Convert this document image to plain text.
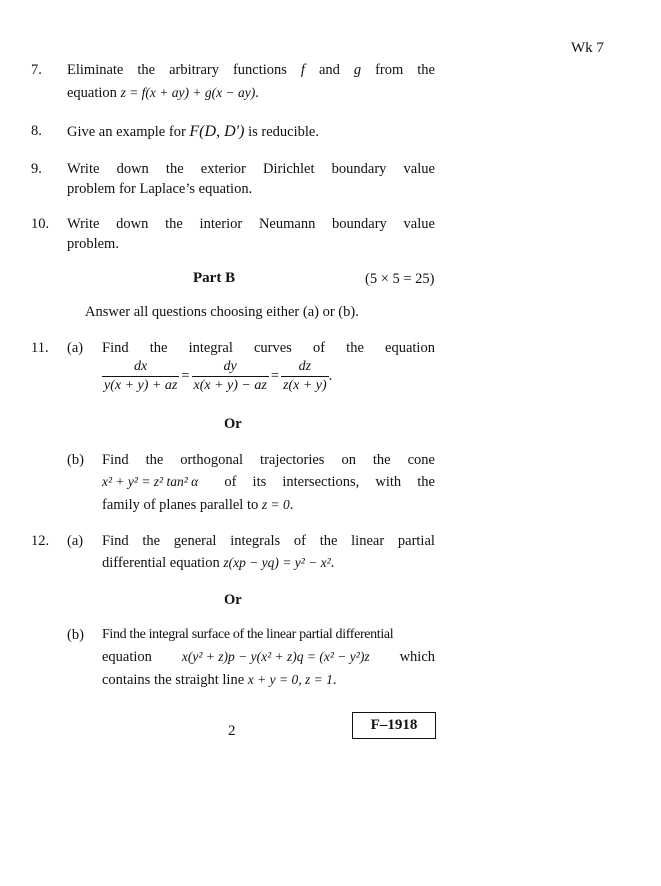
Wk 7
7. Eliminate the arbitrary functions f and g from the
equation z = f(x + ay) + g(x − ay).
8. Give an example for F(D, D′) is reducible.
9. Write down the exterior Dirichlet boundary value
problem for Laplace’s equation.
10. Write down the interior Neumann boundary value
problem.
Part B	(5 × 5 = 25)
Answer all questions choosing either (a) or (b).
11. (a) Find the integral curves of the equation
$\frac{dx}{y(x + y) + az} = \frac{dy}{x(x + y) - az} = \frac{dz}{z(x + y)}$ .
Or
(b) Find the orthogonal trajectories on the cone
x² + y² = z² tan² α of its intersections, with the
family of planes parallel to z = 0.
12. (a) Find the general integrals of the linear partial
differential equation z(xp − yq) = y² − x².
Or
(b) Find the integral surface of the linear partial differential
equation x(y² + z)p − y(x² + z)q = (x² − y²)z which
contains the straight line x + y = 0, z = 1.
2	F–1918
